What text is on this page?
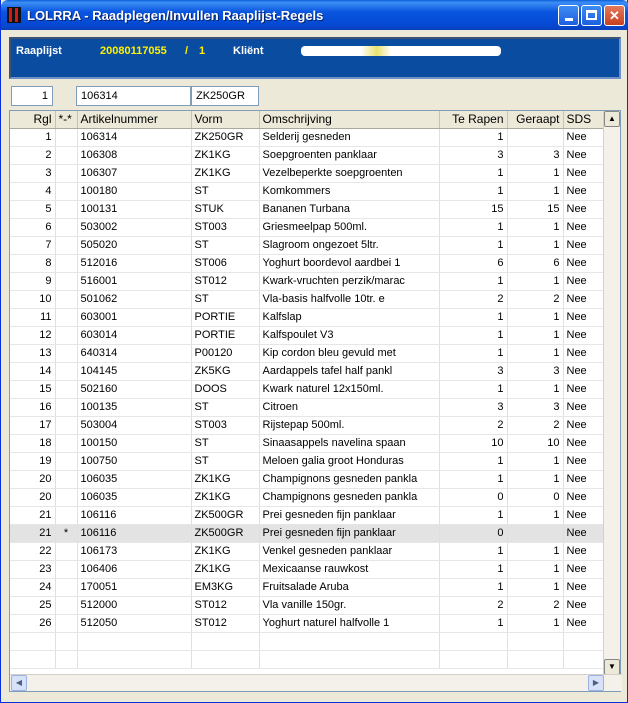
LOLRRA - Raadplegen/Invullen Raaplijst-Regels	✕
Raaplijst	20080117055 / 1	Kliënt
1	106314	ZK250GR
Rgl	*-*	Artikelnummer	Vorm	Omschrijving	Te Rapen	Geraapt	SDS
1		106314	ZK250GR	Selderij gesneden	1		Nee
2		106308	ZK1KG	Soepgroenten panklaar	3	3	Nee
3		106307	ZK1KG	Vezelbeperkte soepgroenten	1	1	Nee
4		100180	ST	Komkommers	1	1	Nee
5		100131	STUK	Bananen Turbana	15	15	Nee
6		503002	ST003	Griesmeelpap 500ml.	1	1	Nee
7		505020	ST	Slagroom ongezoet 5ltr.	1	1	Nee
8		512016	ST006	Yoghurt boordevol aardbei 1	6	6	Nee
9		516001	ST012	Kwark-vruchten perzik/marac	1	1	Nee
10		501062	ST	Vla-basis halfvolle 10tr. e	2	2	Nee
11		603001	PORTIE	Kalfslap	1	1	Nee
12		603014	PORTIE	Kalfspoulet V3	1	1	Nee
13		640314	P00120	Kip cordon bleu gevuld met	1	1	Nee
14		104145	ZK5KG	Aardappels tafel half pankl	3	3	Nee
15		502160	DOOS	Kwark naturel 12x150ml.	1	1	Nee
16		100135	ST	Citroen	3	3	Nee
17		503004	ST003	Rijstepap 500ml.	2	2	Nee
18		100150	ST	Sinaasappels navelina spaan	10	10	Nee
19		100750	ST	Meloen galia groot Honduras	1	1	Nee
20		106035	ZK1KG	Champignons gesneden pankla	1	1	Nee
20		106035	ZK1KG	Champignons gesneden pankla	0	0	Nee
21		106116	ZK500GR	Prei gesneden fijn panklaar	1	1	Nee
21	*	106116	ZK500GR	Prei gesneden fijn panklaar	0		Nee
22		106173	ZK1KG	Venkel gesneden panklaar	1	1	Nee
23		106406	ZK1KG	Mexicaanse rauwkost	1	1	Nee
24		170051	EM3KG	Fruitsalade Aruba	1	1	Nee
25		512000	ST012	Vla vanille 150gr.	2	2	Nee
26		512050	ST012	Yoghurt naturel halfvolle 1	1	1	Nee

▲
▼
◀	▶
